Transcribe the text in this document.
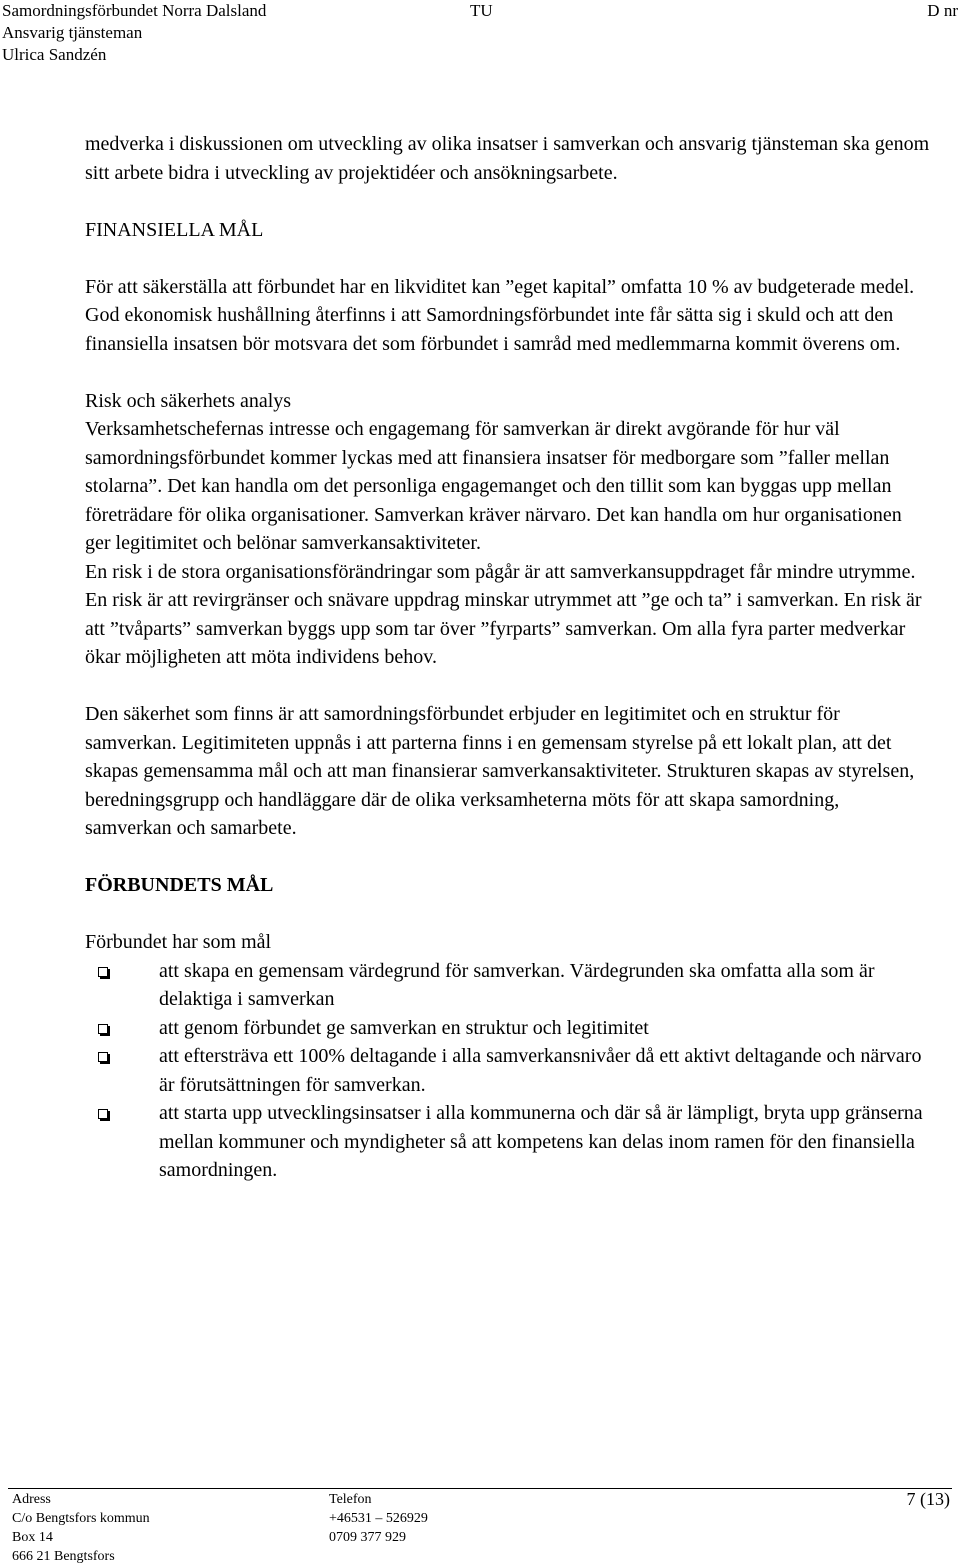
Samordningsförbundet Norra Dalsland	TU	D nr
Ansvarig tjänsteman
Ulrica Sandzén

medverka i diskussionen om utveckling av olika insatser i samverkan och ansvarig tjänsteman ska genom sitt arbete bidra i utveckling av projektidéer och ansökningsarbete.

FINANSIELLA MÅL

För att säkerställa att förbundet har en likviditet kan ”eget kapital” omfatta 10 % av budgeterade medel. God ekonomisk hushållning återfinns i att Samordningsförbundet inte får sätta sig i skuld och att den finansiella insatsen bör motsvara det som förbundet i samråd med medlemmarna kommit överens om.

Risk och säkerhets analys

Verksamhetschefernas intresse och engagemang för samverkan är direkt avgörande för hur väl samordningsförbundet kommer lyckas med att finansiera insatser för medborgare som ”faller mellan stolarna”. Det kan handla om det personliga engagemanget och den tillit som kan byggas upp mellan företrädare för olika organisationer. Samverkan kräver närvaro. Det kan handla om hur organisationen ger legitimitet och belönar samverkansaktiviteter.

En risk i de stora organisationsförändringar som pågår är att samverkansuppdraget får mindre utrymme. En risk är att revirgränser och snävare uppdrag minskar utrymmet att ”ge och ta” i samverkan. En risk är att ”tvåparts” samverkan byggs upp som tar över ”fyrparts” samverkan. Om alla fyra parter medverkar ökar möjligheten att möta individens behov.

Den säkerhet som finns är att samordningsförbundet erbjuder en legitimitet och en struktur för samverkan. Legitimiteten uppnås i att parterna finns i en gemensam styrelse på ett lokalt plan, att det skapas gemensamma mål och att man finansierar samverkansaktiviteter. Strukturen skapas av styrelsen, beredningsgrupp och handläggare där de olika verksamheterna möts för att skapa samordning, samverkan och samarbete.

FÖRBUNDETS MÅL

Förbundet har som mål

att skapa en gemensam värdegrund för samverkan. Värdegrunden ska omfatta alla som är delaktiga i samverkan
att genom förbundet ge samverkan en struktur och legitimitet
att eftersträva ett 100% deltagande i alla samverkansnivåer då ett aktivt deltagande och närvaro är förutsättningen för samverkan.
att starta upp utvecklingsinsatser i alla kommunerna och där så är lämpligt, bryta upp gränserna mellan kommuner och myndigheter så att kompetens kan delas inom ramen för den finansiella samordningen.
Adress
C/o Bengtsfors kommun
Box 14
666 21 Bengtsfors
Telefon
+46531 – 526929
0709 377 929
7 (13)
